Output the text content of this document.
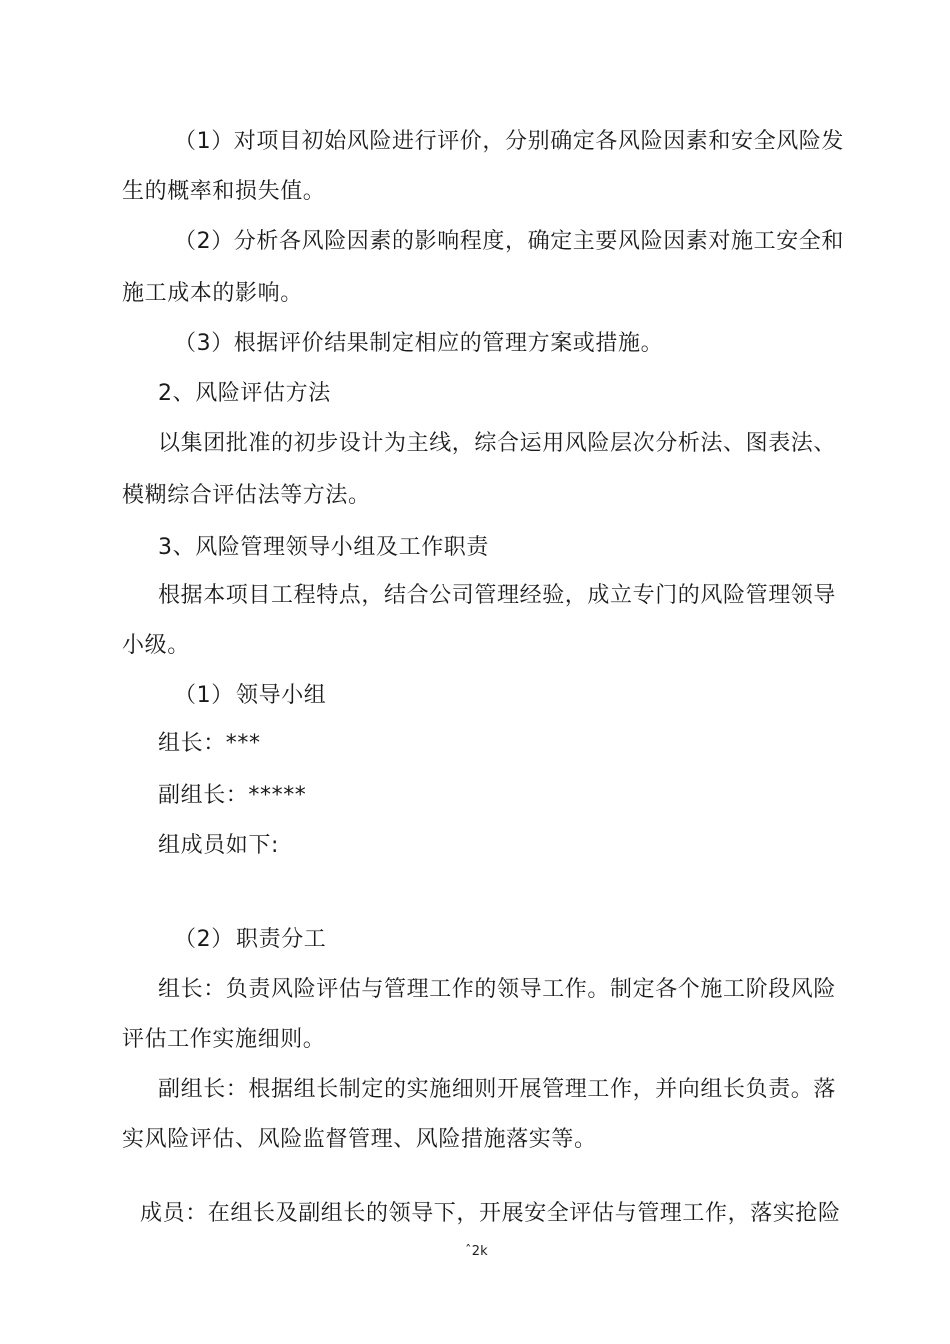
（1）对项目初始风险进行评价，分别确定各风险因素和安全风险发
生的概率和损失值。
（2）分析各风险因素的影响程度，确定主要风险因素对施工安全和
施工成本的影响。
（3）根据评价结果制定相应的管理方案或措施。
2、风险评估方法
以集团批准的初步设计为主线，综合运用风险层次分析法、图表法、
模糊综合评估法等方法。
3、风险管理领导小组及工作职责
根据本项目工程特点，结合公司管理经验，成立专门的风险管理领导
小级。
（1） 领导小组
组长：***
副组长：*****
组成员如下:
（2） 职责分工
组长：负责风险评估与管理工作的领导工作。制定各个施工阶段风险
评估工作实施细则。
副组长：根据组长制定的实施细则开展管理工作，并向组长负责。落
实风险评估、风险监督管理、风险措施落实等。
成员：在组长及副组长的领导下，开展安全评估与管理工作，落实抢险
ˆ2k
